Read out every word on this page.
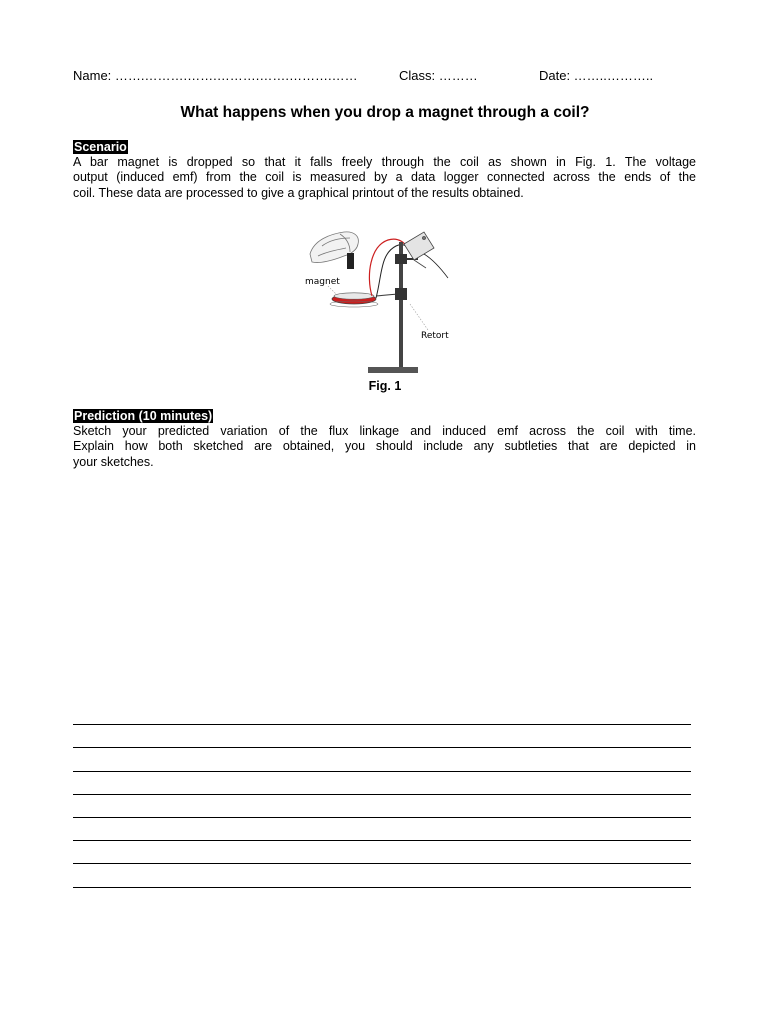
Name: …….……….…….……….…….……….……	Class: ………	Date: ……..………..
What happens when you drop a magnet through a coil?
Scenario
A bar magnet is dropped so that it falls freely through the coil as shown in Fig. 1. The voltage
output (induced emf) from the coil is measured by a data logger connected across the ends of the
coil. These data are processed to give a graphical printout of the results obtained.
magnet
Retort
Fig. 1
Prediction (10 minutes)
Sketch your predicted variation of the flux linkage and induced emf across the coil with time.
Explain how both sketched are obtained, you should include any subtleties that are depicted in
your sketches.
